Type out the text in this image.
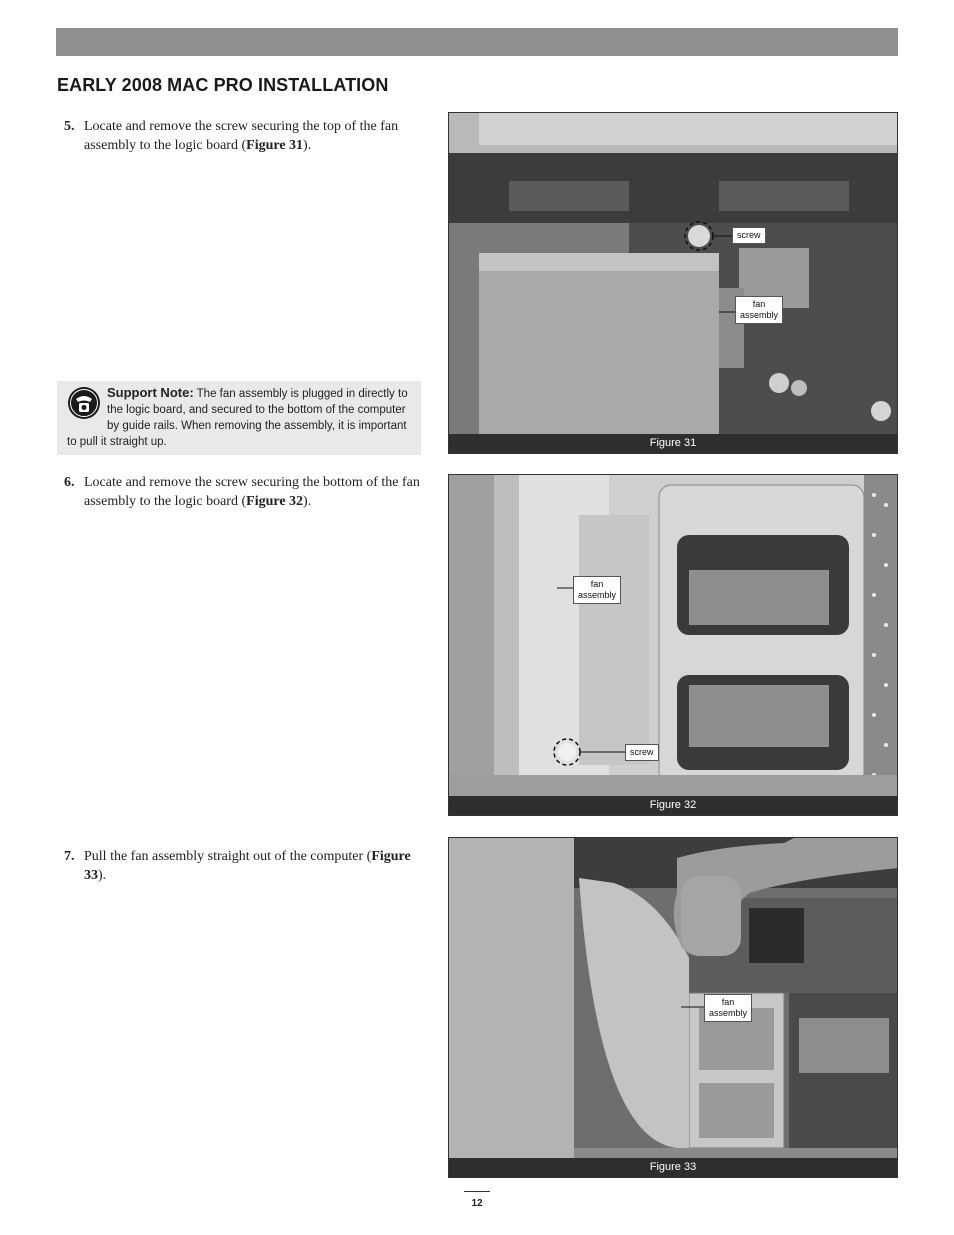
EARLY 2008 MAC PRO INSTALLATION
5. Locate and remove the screw securing the top of the fan assembly to the logic board (Figure 31).
Support Note: The fan assembly is plugged in directly to the logic board, and secured to the bottom of the computer by guide rails. When removing the assembly, it is important to pull it straight up.
6. Locate and remove the screw securing the bottom of the fan assembly to the logic board (Figure 32).
7. Pull the fan assembly straight out of the computer (Figure 33).
screw
fan
assembly
Figure 31
fan
assembly
screw
Figure 32
fan
assembly
Figure 33
12
